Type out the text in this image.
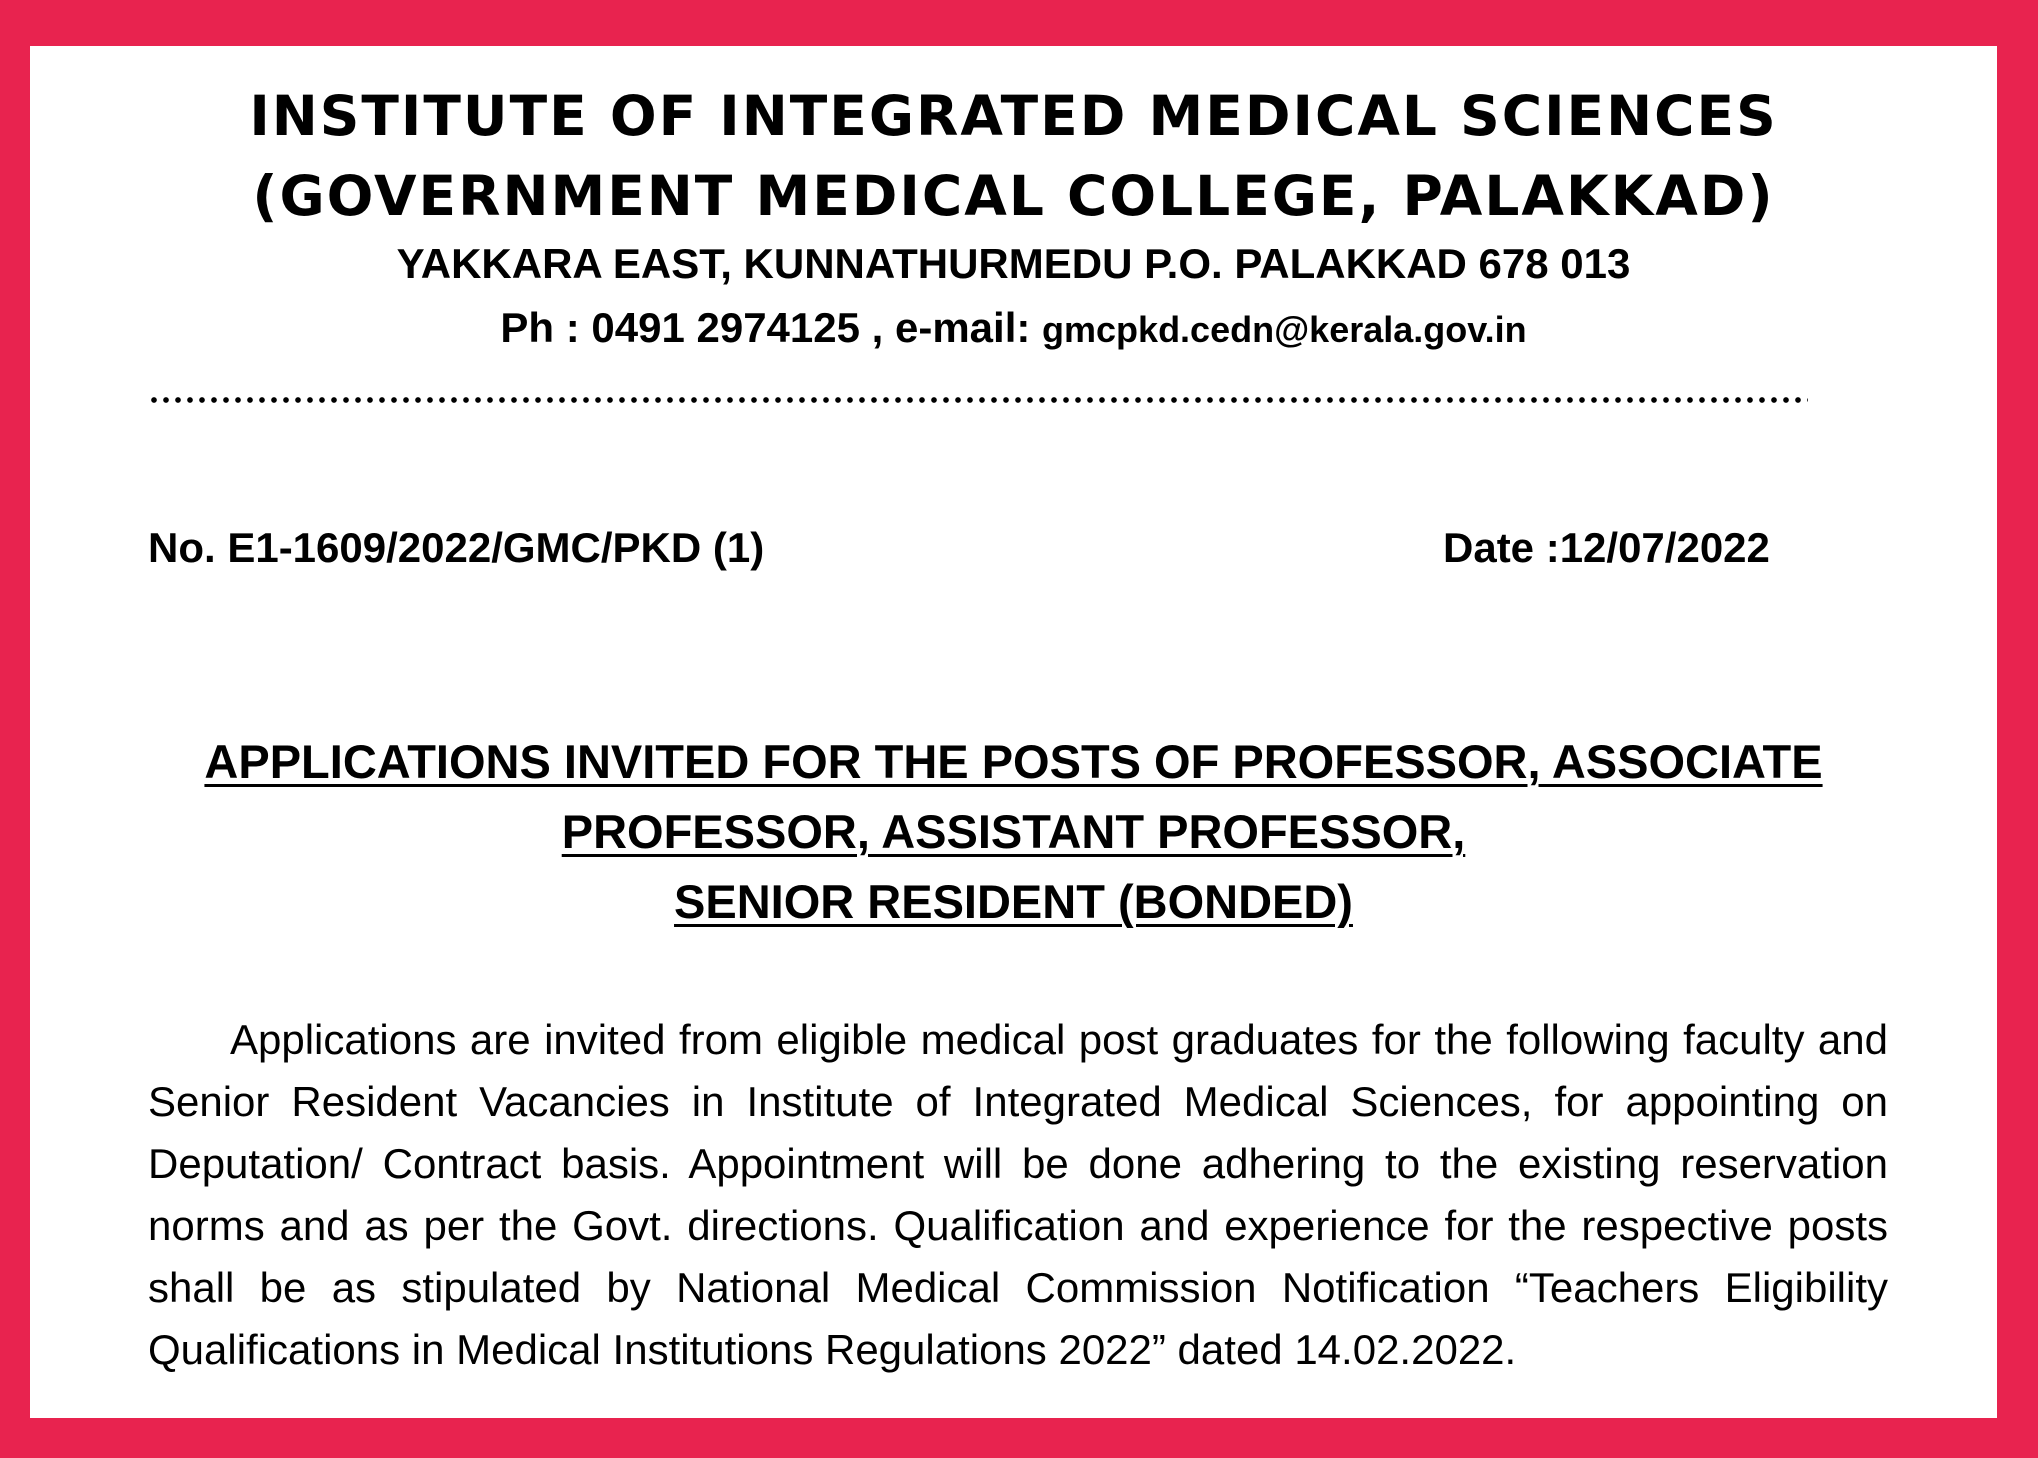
INSTITUTE OF INTEGRATED MEDICAL SCIENCES
(GOVERNMENT MEDICAL COLLEGE, PALAKKAD)
YAKKARA EAST, KUNNATHURMEDU P.O. PALAKKAD 678 013
Ph : 0491 2974125 , e-mail: gmcpkd.cedn@kerala.gov.in
No. E1-1609/2022/GMC/PKD (1)	Date :12/07/2022
APPLICATIONS INVITED FOR THE POSTS OF PROFESSOR, ASSOCIATE
PROFESSOR, ASSISTANT PROFESSOR,
SENIOR RESIDENT (BONDED)

Applications are invited from eligible medical post graduates for the following faculty and Senior Resident Vacancies in Institute of Integrated Medical Sciences, for appointing on Deputation/ Contract basis. Appointment will be done adhering to the existing reservation norms and as per the Govt. directions. Qualification and experience for the respective posts shall be as stipulated by National Medical Commission Notification “Teachers Eligibility Qualifications in Medical Institutions Regulations 2022” dated 14.02.2022.
